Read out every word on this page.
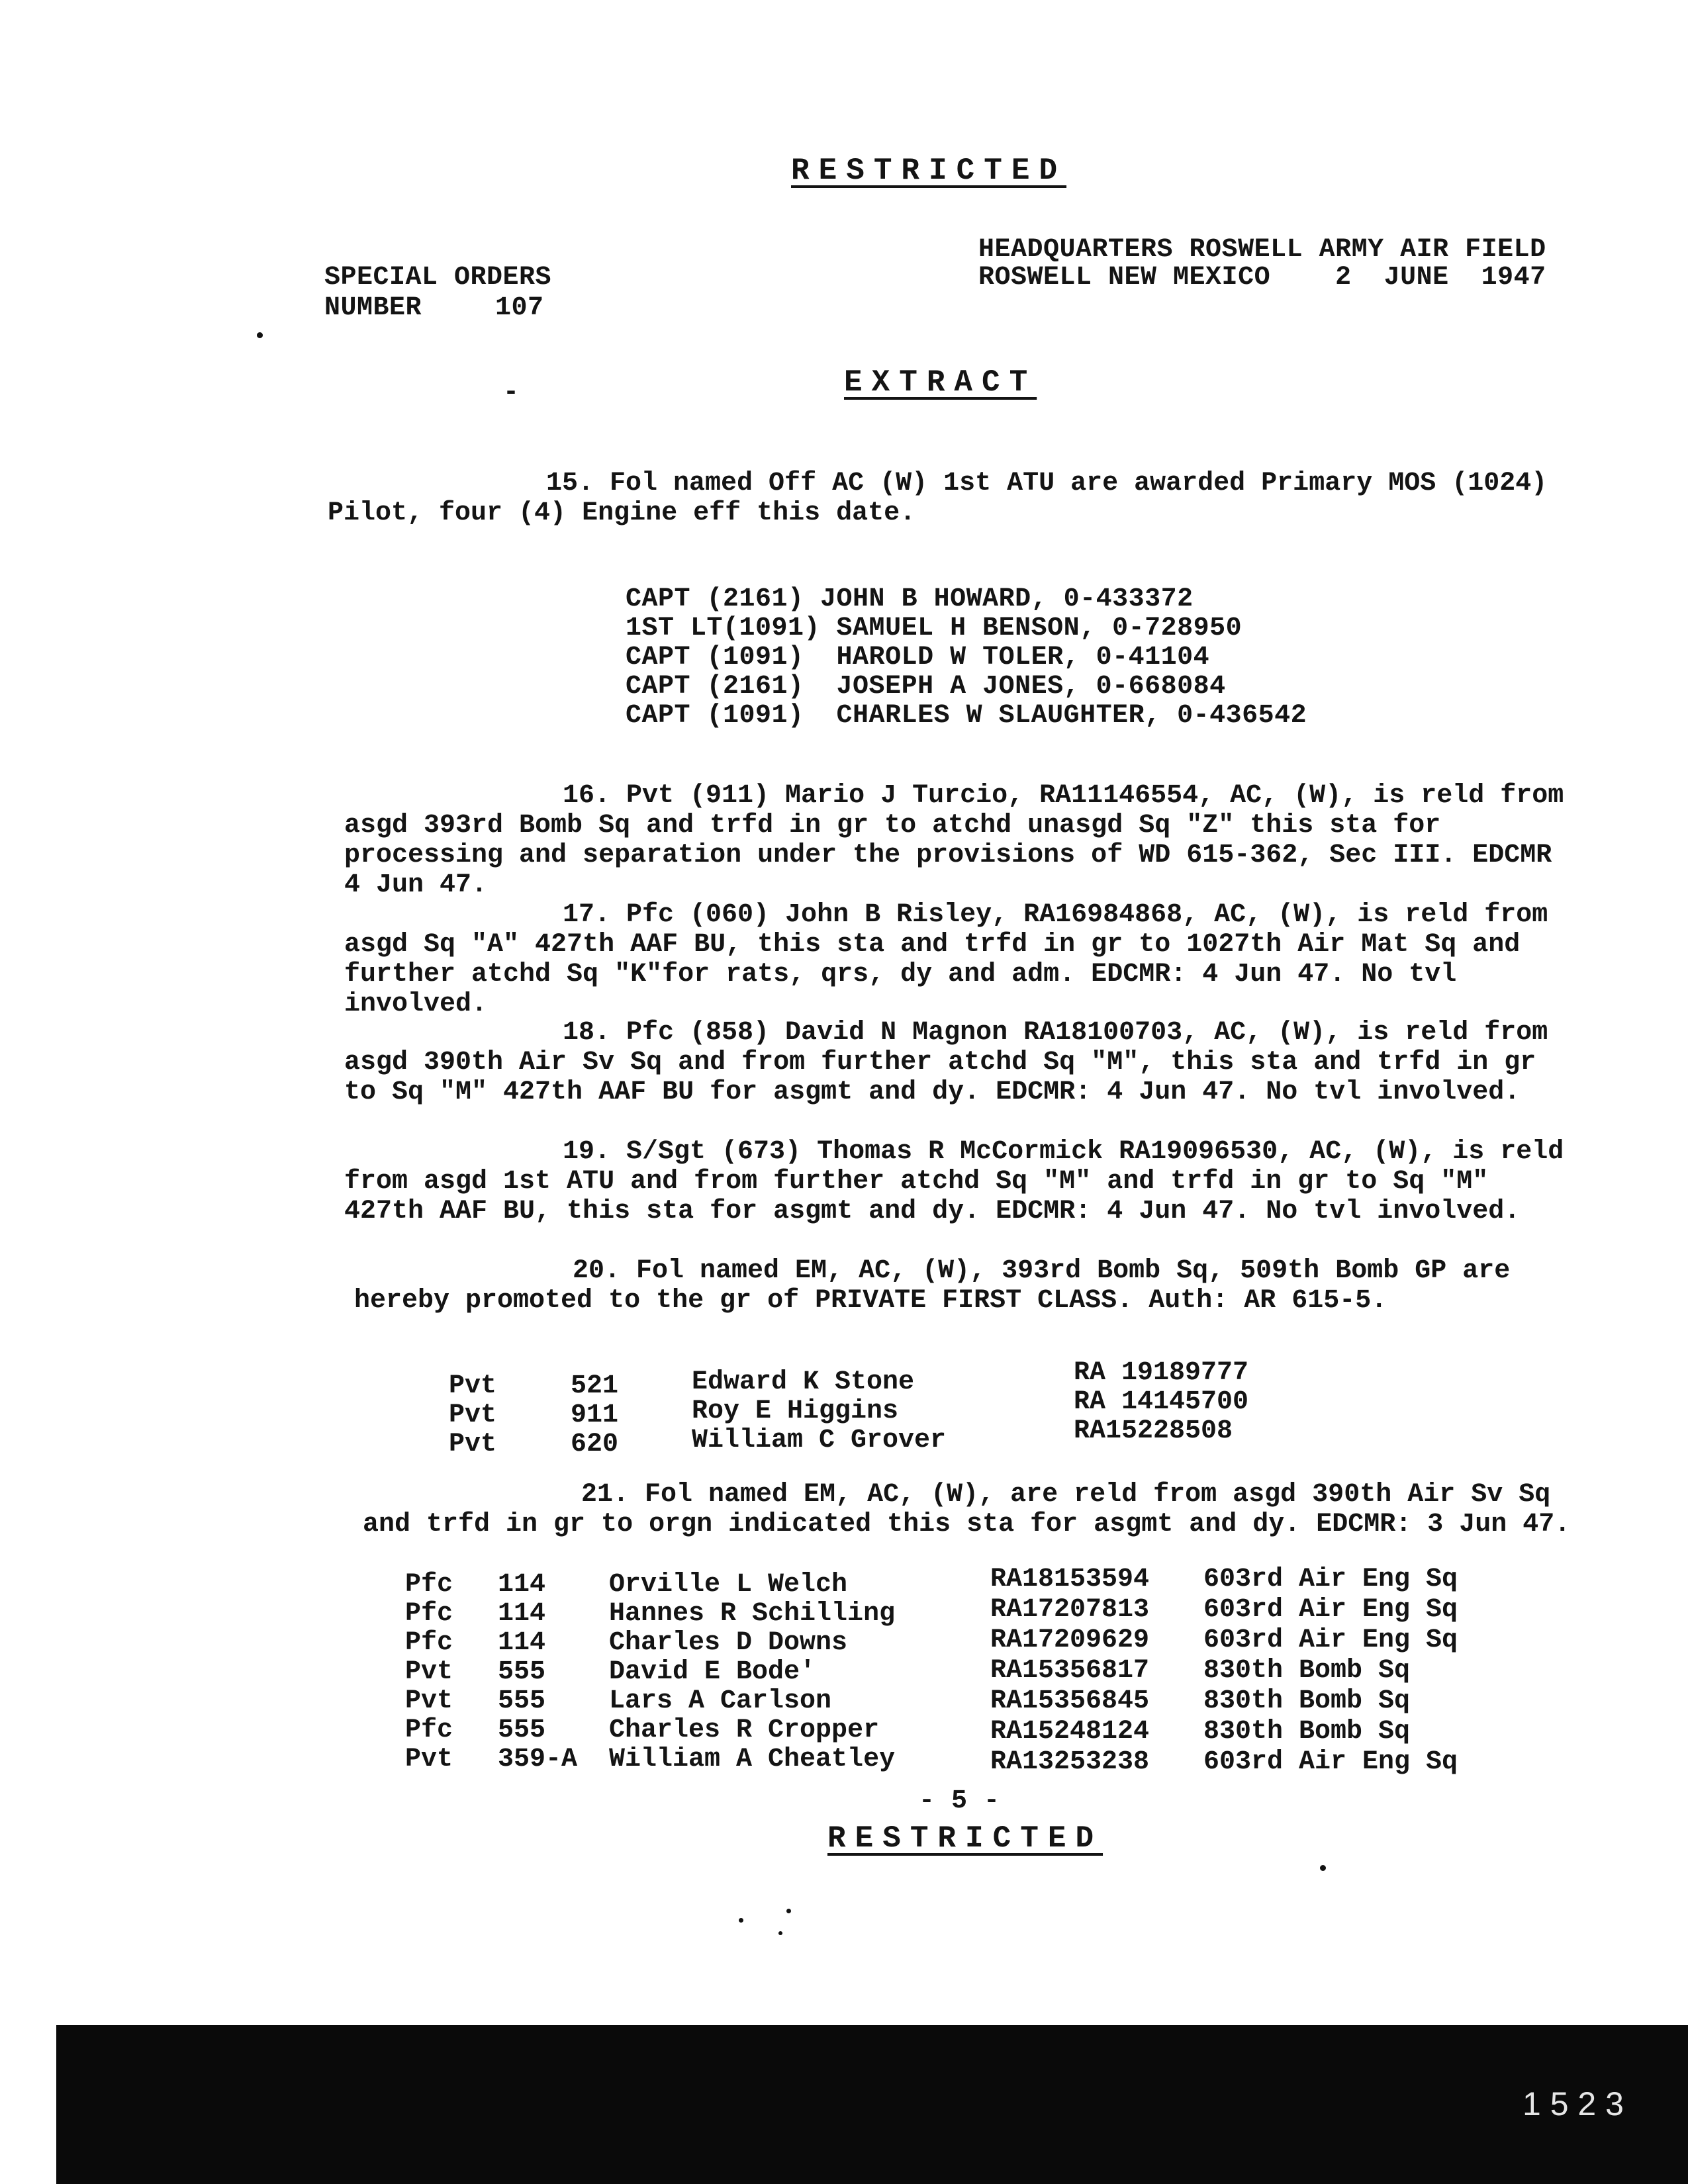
RESTRICTED
SPECIAL ORDERS
NUMBER	107
HEADQUARTERS ROSWELL ARMY AIR FIELD
ROSWELL NEW MEXICO    2  JUNE  1947
-	EXTRACT
15. Fol named Off AC (W) 1st ATU are awarded Primary MOS (1024) Pilot, four (4) Engine eff this date.
CAPT (2161) JOHN B HOWARD, 0-433372
1ST LT(1091) SAMUEL H BENSON, 0-728950
CAPT (1091)  HAROLD W TOLER, 0-41104
CAPT (2161)  JOSEPH A JONES, 0-668084
CAPT (1091)  CHARLES W SLAUGHTER, 0-436542
16. Pvt (911) Mario J Turcio, RA11146554, AC, (W), is reld from asgd 393rd Bomb Sq and trfd in gr to atchd unasgd Sq "Z" this sta for processing and separation under the provisions of WD 615-362, Sec III. EDCMR 4 Jun 47.
17. Pfc (060) John B Risley, RA16984868, AC, (W), is reld from asgd Sq "A" 427th AAF BU, this sta and trfd in gr to 1027th Air Mat Sq and further atchd Sq "K"for rats, qrs, dy and adm. EDCMR: 4 Jun 47. No tvl involved.
18. Pfc (858) David N Magnon RA18100703, AC, (W), is reld from asgd 390th Air Sv Sq and from further atchd Sq "M", this sta and trfd in gr to Sq "M" 427th AAF BU for asgmt and dy. EDCMR: 4 Jun 47. No tvl involved.
19. S/Sgt (673) Thomas R McCormick RA19096530, AC, (W), is reld from asgd 1st ATU and from further atchd Sq "M" and trfd in gr to Sq "M" 427th AAF BU, this sta for asgmt and dy. EDCMR: 4 Jun 47. No tvl involved.
20. Fol named EM, AC, (W), 393rd Bomb Sq, 509th Bomb GP are hereby promoted to the gr of PRIVATE FIRST CLASS. Auth: AR 615-5.
Pvt	521	Edward K Stone	RA 19189777
Pvt	911	Roy E Higgins	RA 14145700
Pvt	620	William C Grover	RA15228508
21. Fol named EM, AC, (W), are reld from asgd 390th Air Sv Sq and trfd in gr to orgn indicated this sta for asgmt and dy. EDCMR: 3 Jun 47.
Pfc 114 Orville L Welch	RA18153594 603rd Air Eng Sq
Pfc 114 Hannes R Schilling	RA17207813 603rd Air Eng Sq
Pfc 114 Charles D Downs	RA17209629 603rd Air Eng Sq
Pvt 555 David E Bode'	RA15356817 830th Bomb Sq
Pvt 555 Lars A Carlson	RA15356845 830th Bomb Sq
Pfc 555 Charles R Cropper	RA15248124 830th Bomb Sq
Pvt 359-A William A Cheatley	RA13253238 603rd Air Eng Sq
- 5 -
RESTRICTED
1 5 2 3
